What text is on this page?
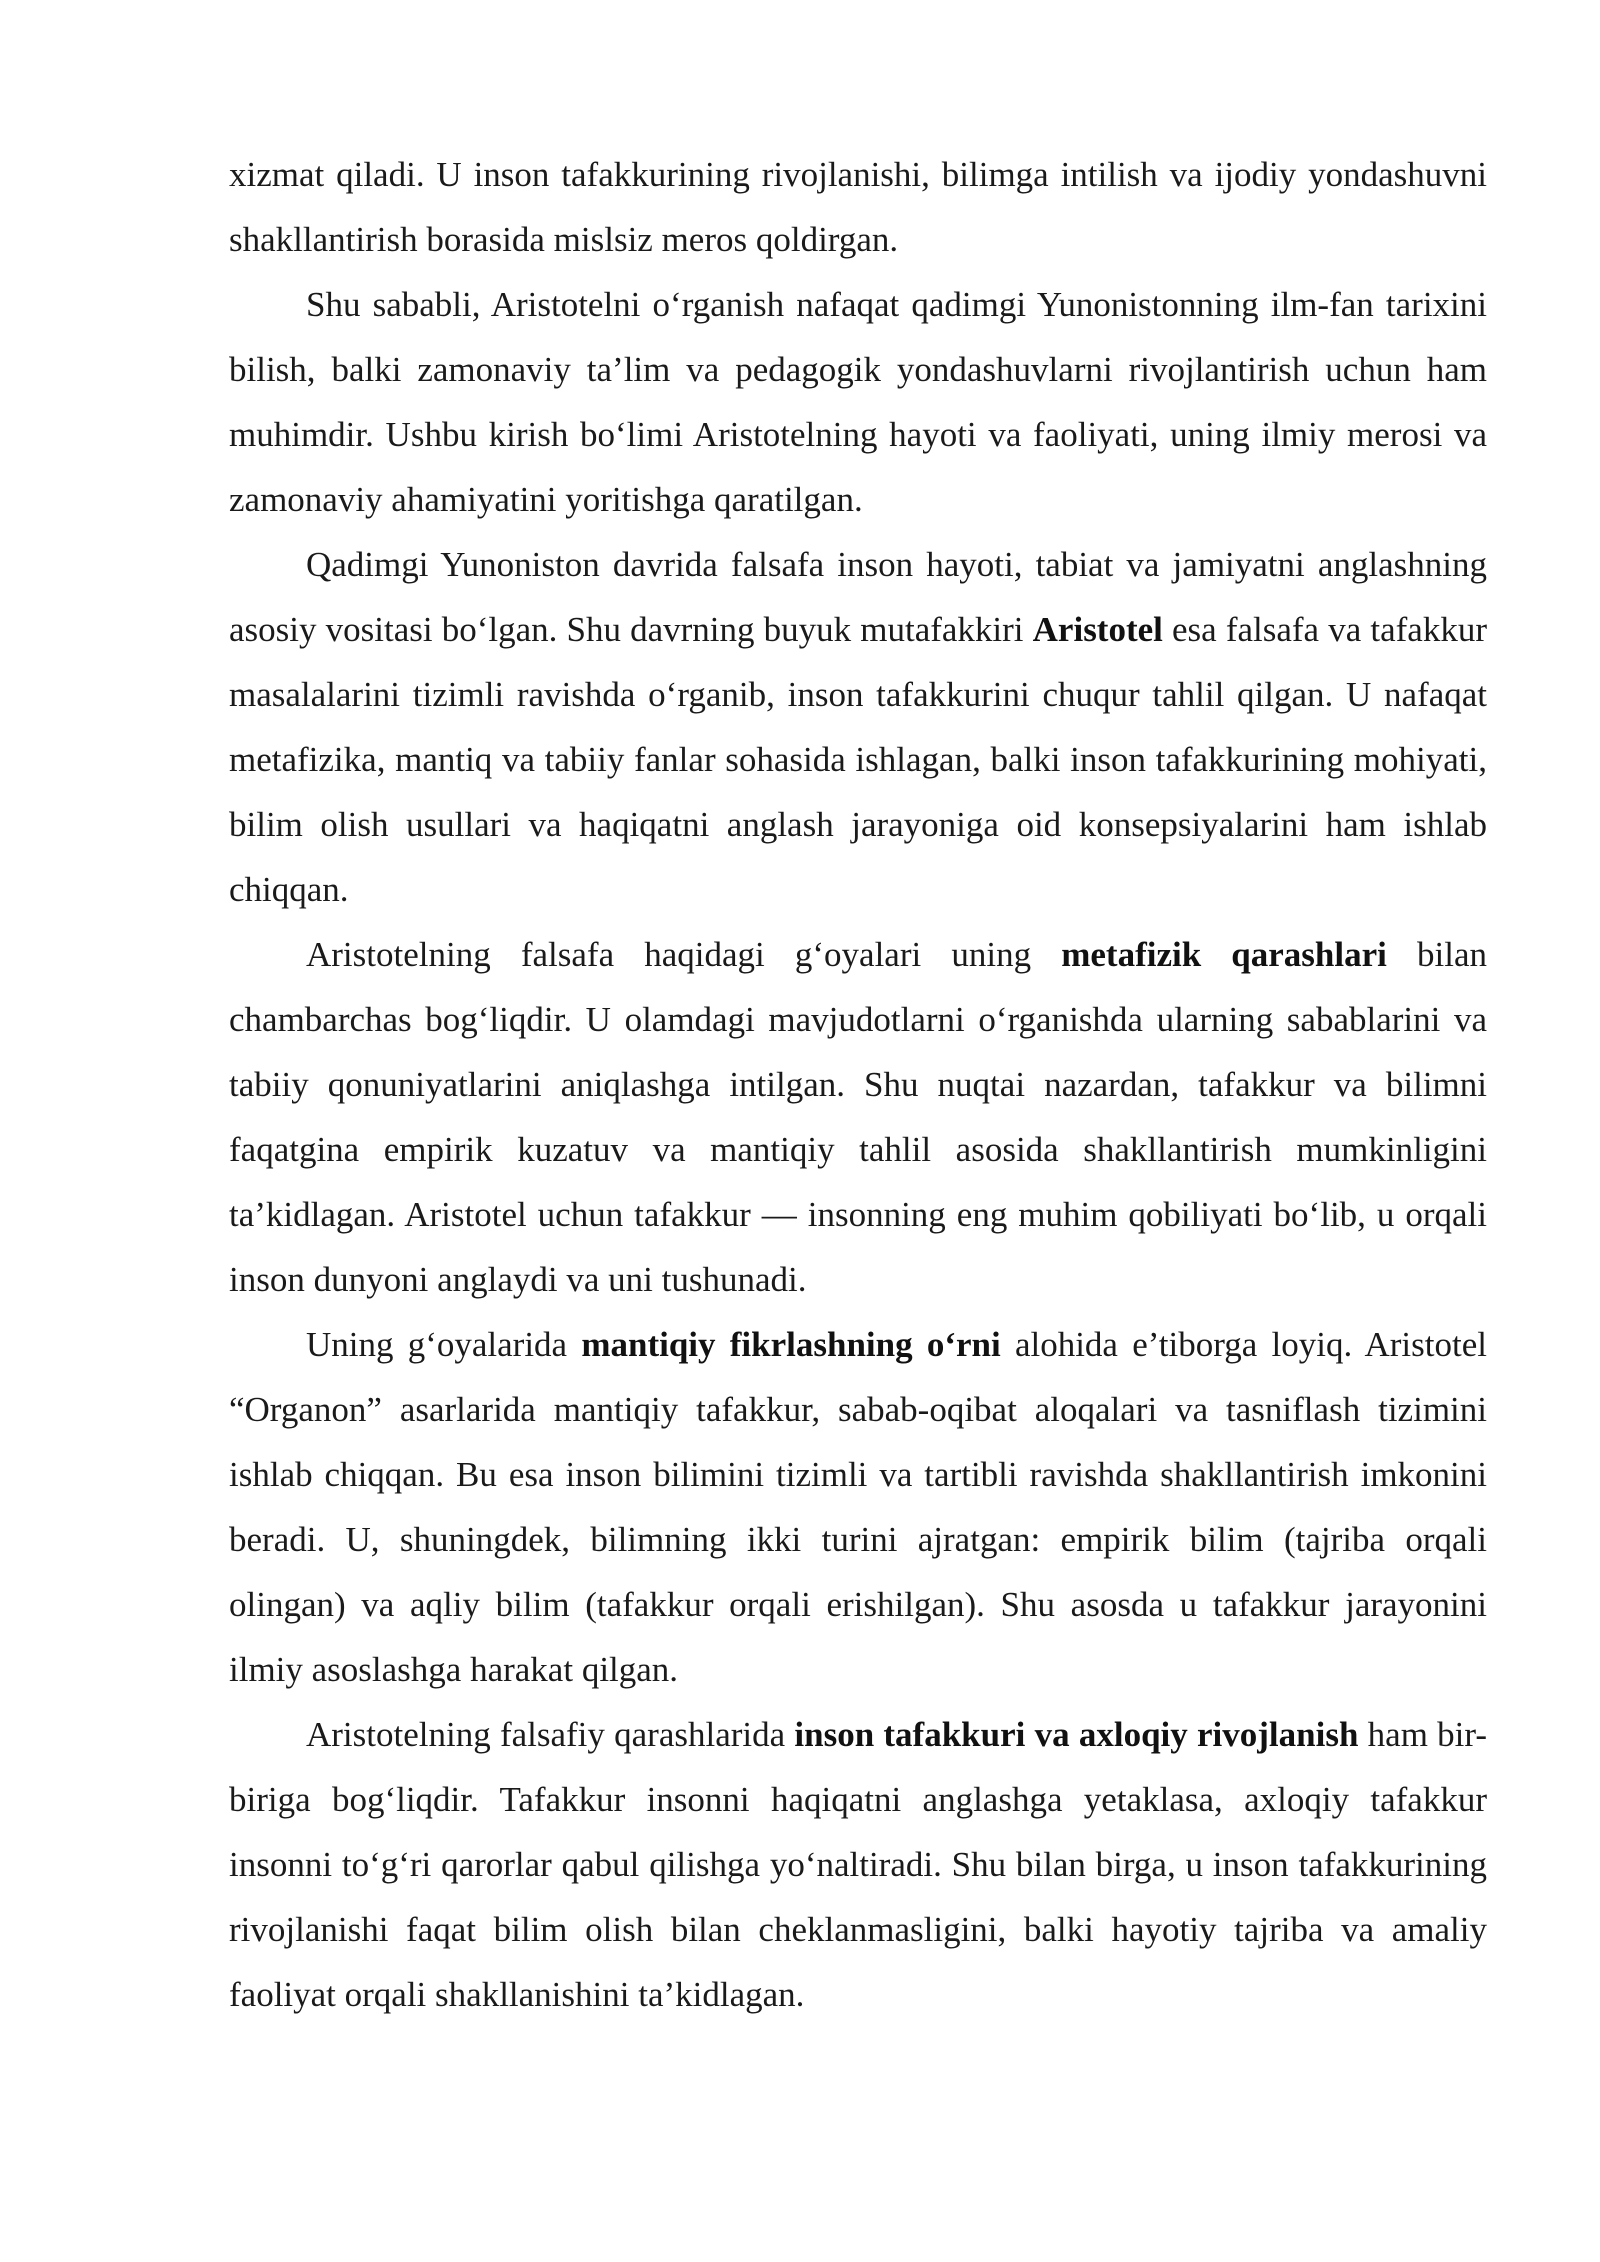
xizmat qiladi. U inson tafakkurining rivojlanishi, bilimga intilish va ijodiy yondashuvni shakllantirish borasida mislsiz meros qoldirgan.

Shu sababli, Aristotelni o‘rganish nafaqat qadimgi Yunonistonning ilm-fan tarixini bilish, balki zamonaviy ta’lim va pedagogik yondashuvlarni rivojlantirish uchun ham muhimdir. Ushbu kirish bo‘limi Aristotelning hayoti va faoliyati, uning ilmiy merosi va zamonaviy ahamiyatini yoritishga qaratilgan.

Qadimgi Yunoniston davrida falsafa inson hayoti, tabiat va jamiyatni anglashning asosiy vositasi bo‘lgan. Shu davrning buyuk mutafakkiri Aristotel esa falsafa va tafakkur masalalarini tizimli ravishda o‘rganib, inson tafakkurini chuqur tahlil qilgan. U nafaqat metafizika, mantiq va tabiiy fanlar sohasida ishlagan, balki inson tafakkurining mohiyati, bilim olish usullari va haqiqatni anglash jarayoniga oid konsepsiyalarini ham ishlab chiqqan.

Aristotelning falsafa haqidagi g‘oyalari uning metafizik qarashlari bilan chambarchas bog‘liqdir. U olamdagi mavjudotlarni o‘rganishda ularning sabablarini va tabiiy qonuniyatlarini aniqlashga intilgan. Shu nuqtai nazardan, tafakkur va bilimni faqatgina empirik kuzatuv va mantiqiy tahlil asosida shakllantirish mumkinligini ta’kidlagan. Aristotel uchun tafakkur — insonning eng muhim qobiliyati bo‘lib, u orqali inson dunyoni anglaydi va uni tushunadi.

Uning g‘oyalarida mantiqiy fikrlashning o‘rni alohida e’tiborga loyiq. Aristotel “Organon” asarlarida mantiqiy tafakkur, sabab-oqibat aloqalari va tasniflash tizimini ishlab chiqqan. Bu esa inson bilimini tizimli va tartibli ravishda shakllantirish imkonini beradi. U, shuningdek, bilimning ikki turini ajratgan: empirik bilim (tajriba orqali olingan) va aqliy bilim (tafakkur orqali erishilgan). Shu asosda u tafakkur jarayonini ilmiy asoslashga harakat qilgan.

Aristotelning falsafiy qarashlarida inson tafakkuri va axloqiy rivojlanish ham bir-biriga bog‘liqdir. Tafakkur insonni haqiqatni anglashga yetaklasa, axloqiy tafakkur insonni to‘g‘ri qarorlar qabul qilishga yo‘naltiradi. Shu bilan birga, u inson tafakkurining rivojlanishi faqat bilim olish bilan cheklanmasligini, balki hayotiy tajriba va amaliy faoliyat orqali shakllanishini ta’kidlagan.
